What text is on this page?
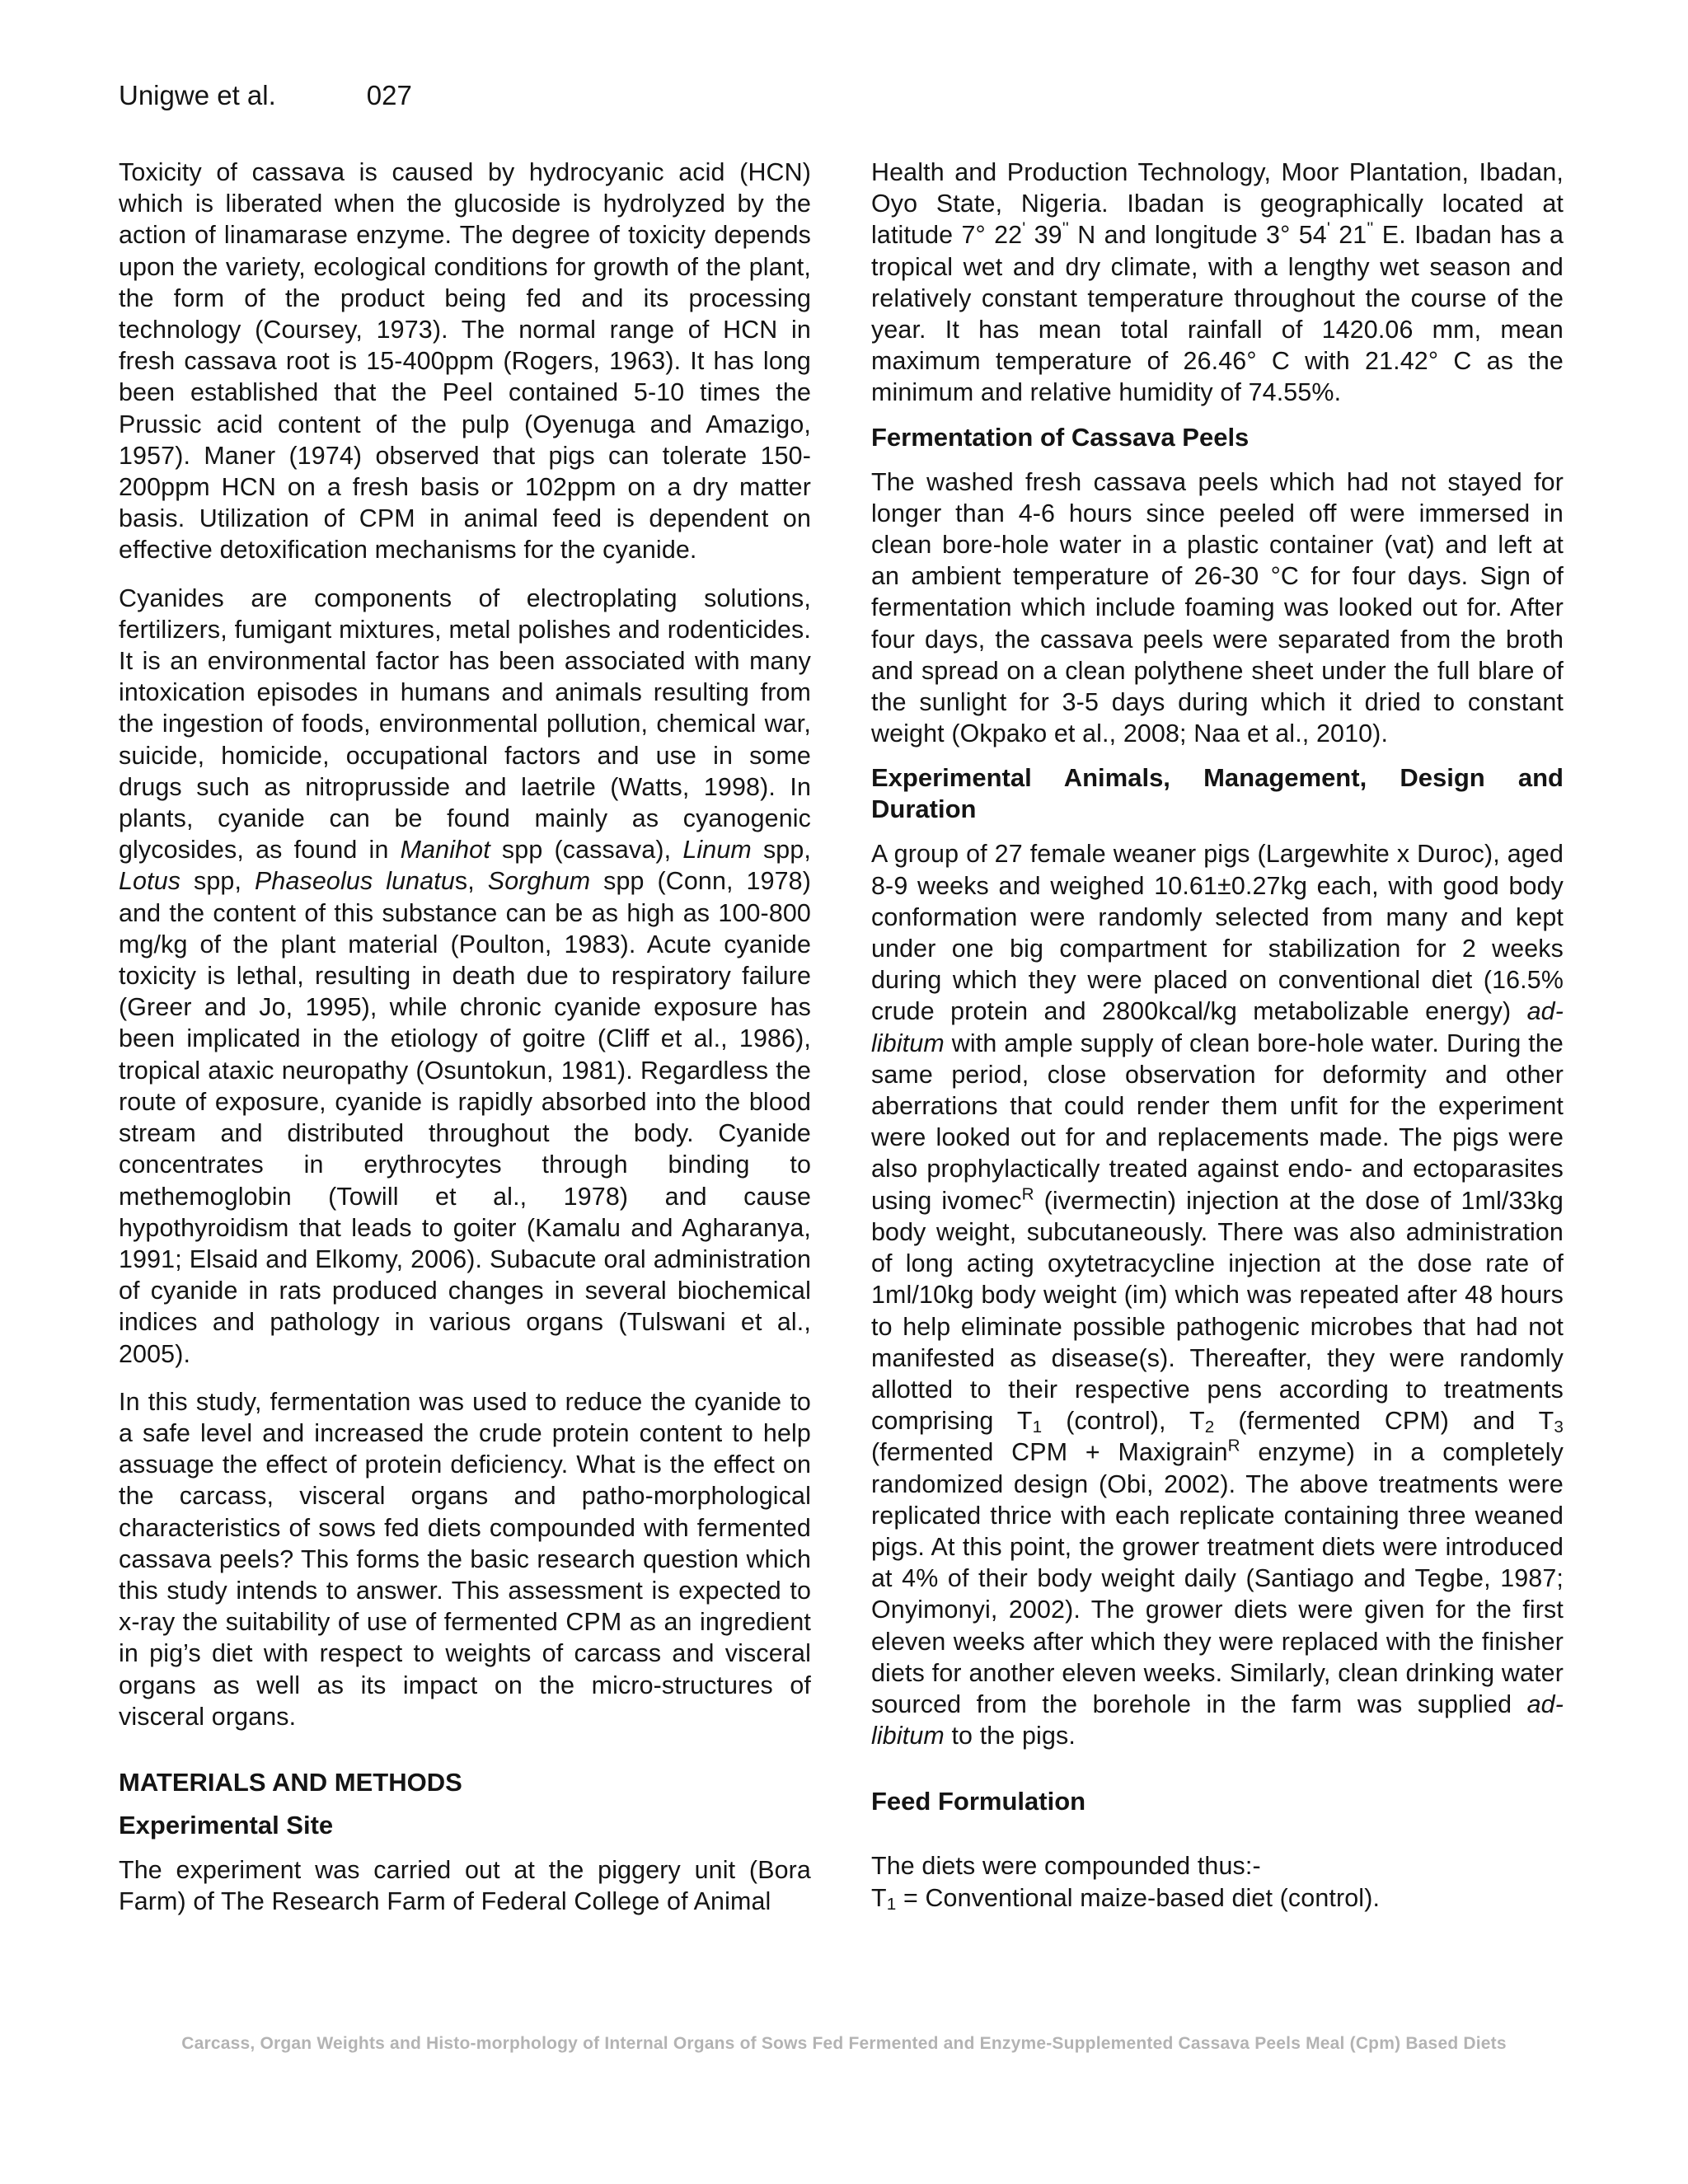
Unigwe et al.	027

Toxicity of cassava is caused by hydrocyanic acid (HCN) which is liberated when the glucoside is hydrolyzed by the action of linamarase enzyme. The degree of toxicity depends upon the variety, ecological conditions for growth of the plant, the form of the product being fed and its processing technology (Coursey, 1973). The normal range of HCN in fresh cassava root is 15-400ppm (Rogers, 1963). It has long been established that the Peel contained 5-10 times the Prussic acid content of the pulp (Oyenuga and Amazigo, 1957). Maner (1974) observed that pigs can tolerate 150- 200ppm HCN on a fresh basis or 102ppm on a dry matter basis. Utilization of CPM in animal feed is dependent on effective detoxification mechanisms for the cyanide.

Cyanides are components of electroplating solutions, fertilizers, fumigant mixtures, metal polishes and rodenticides. It is an environmental factor has been associated with many intoxication episodes in humans and animals resulting from the ingestion of foods, environmental pollution, chemical war, suicide, homicide, occupational factors and use in some drugs such as nitroprusside and laetrile (Watts, 1998). In plants, cyanide can be found mainly as cyanogenic glycosides, as found in Manihot spp (cassava), Linum spp, Lotus spp, Phaseolus lunatus, Sorghum spp (Conn, 1978) and the content of this substance can be as high as 100-800 mg/kg of the plant material (Poulton, 1983). Acute cyanide toxicity is lethal, resulting in death due to respiratory failure (Greer and Jo, 1995), while chronic cyanide exposure has been implicated in the etiology of goitre (Cliff et al., 1986), tropical ataxic neuropathy (Osuntokun, 1981). Regardless the route of exposure, cyanide is rapidly absorbed into the blood stream and distributed throughout the body. Cyanide concentrates in erythrocytes through binding to methemoglobin (Towill et al., 1978) and cause hypothyroidism that leads to goiter (Kamalu and Agharanya, 1991; Elsaid and Elkomy, 2006). Subacute oral administration of cyanide in rats produced changes in several biochemical indices and pathology in various organs (Tulswani et al., 2005).

In this study, fermentation was used to reduce the cyanide to a safe level and increased the crude protein content to help assuage the effect of protein deficiency. What is the effect on the carcass, visceral organs and patho-morphological characteristics of sows fed diets compounded with fermented cassava peels? This forms the basic research question which this study intends to answer. This assessment is expected to x-ray the suitability of use of fermented CPM as an ingredient in pig’s diet with respect to weights of carcass and visceral organs as well as its impact on the micro-structures of visceral organs.

MATERIALS AND METHODS
Experimental Site

The experiment was carried out at the piggery unit (Bora Farm) of The Research Farm of Federal College of Animal

Health and Production Technology, Moor Plantation, Ibadan, Oyo State, Nigeria. Ibadan is geographically located at latitude 7° 22' 39'' N and longitude 3° 54' 21'' E. Ibadan has a tropical wet and dry climate, with a lengthy wet season and relatively constant temperature throughout the course of the year. It has mean total rainfall of 1420.06 mm, mean maximum temperature of 26.46° C with 21.42° C as the minimum and relative humidity of 74.55%.

Fermentation of Cassava Peels

The washed fresh cassava peels which had not stayed for longer than 4-6 hours since peeled off were immersed in clean bore-hole water in a plastic container (vat) and left at an ambient temperature of 26-30 °C for four days. Sign of fermentation which include foaming was looked out for. After four days, the cassava peels were separated from the broth and spread on a clean polythene sheet under the full blare of the sunlight for 3-5 days during which it dried to constant weight (Okpako et al., 2008; Naa et al., 2010).

Experimental Animals, Management, Design and Duration

A group of 27 female weaner pigs (Largewhite x Duroc), aged 8-9 weeks and weighed 10.61±0.27kg each, with good body conformation were randomly selected from many and kept under one big compartment for stabilization for 2 weeks during which they were placed on conventional diet (16.5% crude protein and 2800kcal/kg metabolizable energy) ad-libitum with ample supply of clean bore-hole water. During the same period, close observation for deformity and other aberrations that could render them unfit for the experiment were looked out for and replacements made. The pigs were also prophylactically treated against endo- and ectoparasites using ivomec$^R$ (ivermectin) injection at the dose of 1ml/33kg body weight, subcutaneously. There was also administration of long acting oxytetracycline injection at the dose rate of 1ml/10kg body weight (im) which was repeated after 48 hours to help eliminate possible pathogenic microbes that had not manifested as disease(s). Thereafter, they were randomly allotted to their respective pens according to treatments comprising $T_1$ (control), $T_2$ (fermented CPM) and $T_3$ (fermented CPM + Maxigrain$^R$ enzyme) in a completely randomized design (Obi, 2002). The above treatments were replicated thrice with each replicate containing three weaned pigs. At this point, the grower treatment diets were introduced at 4% of their body weight daily (Santiago and Tegbe, 1987; Onyimonyi, 2002). The grower diets were given for the first eleven weeks after which they were replaced with the finisher diets for another eleven weeks. Similarly, clean drinking water sourced from the borehole in the farm was supplied ad-libitum to the pigs.

Feed Formulation

The diets were compounded thus:-

$T_1$ = Conventional maize-based diet (control).

Carcass, Organ Weights and Histo-morphology of Internal Organs of Sows Fed Fermented and Enzyme-Supplemented Cassava Peels Meal (Cpm) Based Diets
